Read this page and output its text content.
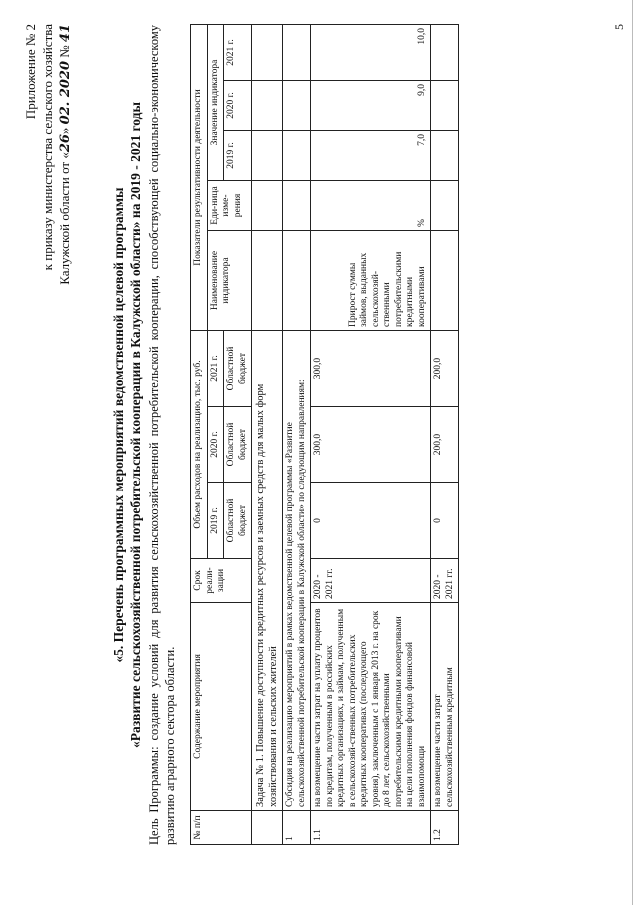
Приложение № 2 к приказу министерства сельского хозяйства Калужской области от «26» 02. 2020 № 41
«5. Перечень программных мероприятий ведомственной целевой программы «Развитие сельскохозяйственной потребительской кооперации в Калужской области» на 2019 - 2021 годы Цель Программы: создание условий для развития сельскохозяйственной потребительской кооперации, способствующей социально-экономическому развитию аграрного сектора области. № п/п	Содержание мероприятия	Срок реали-зации	Объем расходов на реализацию, тыс. руб.			Показатели результативности деятельности				
			2019 г.	2020 г.	2021 г.	Наименование индикатора	Еди-ница изме-рения	Значение индикатора		
			Областной бюджет	Областной бюджет	Областной бюджет			2019 г.	2020 г.	2021 г.
	Задача № 1. Повышение доступности кредитных ресурсов и заемных средств для малых форм хозяйствования и сельских жителей									
1	Субсидия на реализацию мероприятий в рамках ведомственной целевой программы «Развитие сельскохозяйственной потребительской кооперации в Калужской области» по следующим направлениям:									
1.1	на возмещение части затрат на уплату процентов по кредитам, полученным в российских кредитных организациях, и займам, полученным в сельскохозяй-ственных потребительских кредитных кооперативах (последующего уровня), заключенным с 1 января 2013 г. на срок до 8 лет, сельскохозяйственными потребительскими кредитными кооперативами на цели пополнения фондов финансовой взаимопомощи	2020 - 2021 гг.	0	300,0	300,0	Прирост суммы займов, выданных сельскохозяй-ственными потребительскими кредитными кооперативами	%	7,0	9,0	10,0
1.2	на возмещение части затрат сельскохозяйственным кредитным	2020 - 2021 гг.	0	200,0	200,0					
5
